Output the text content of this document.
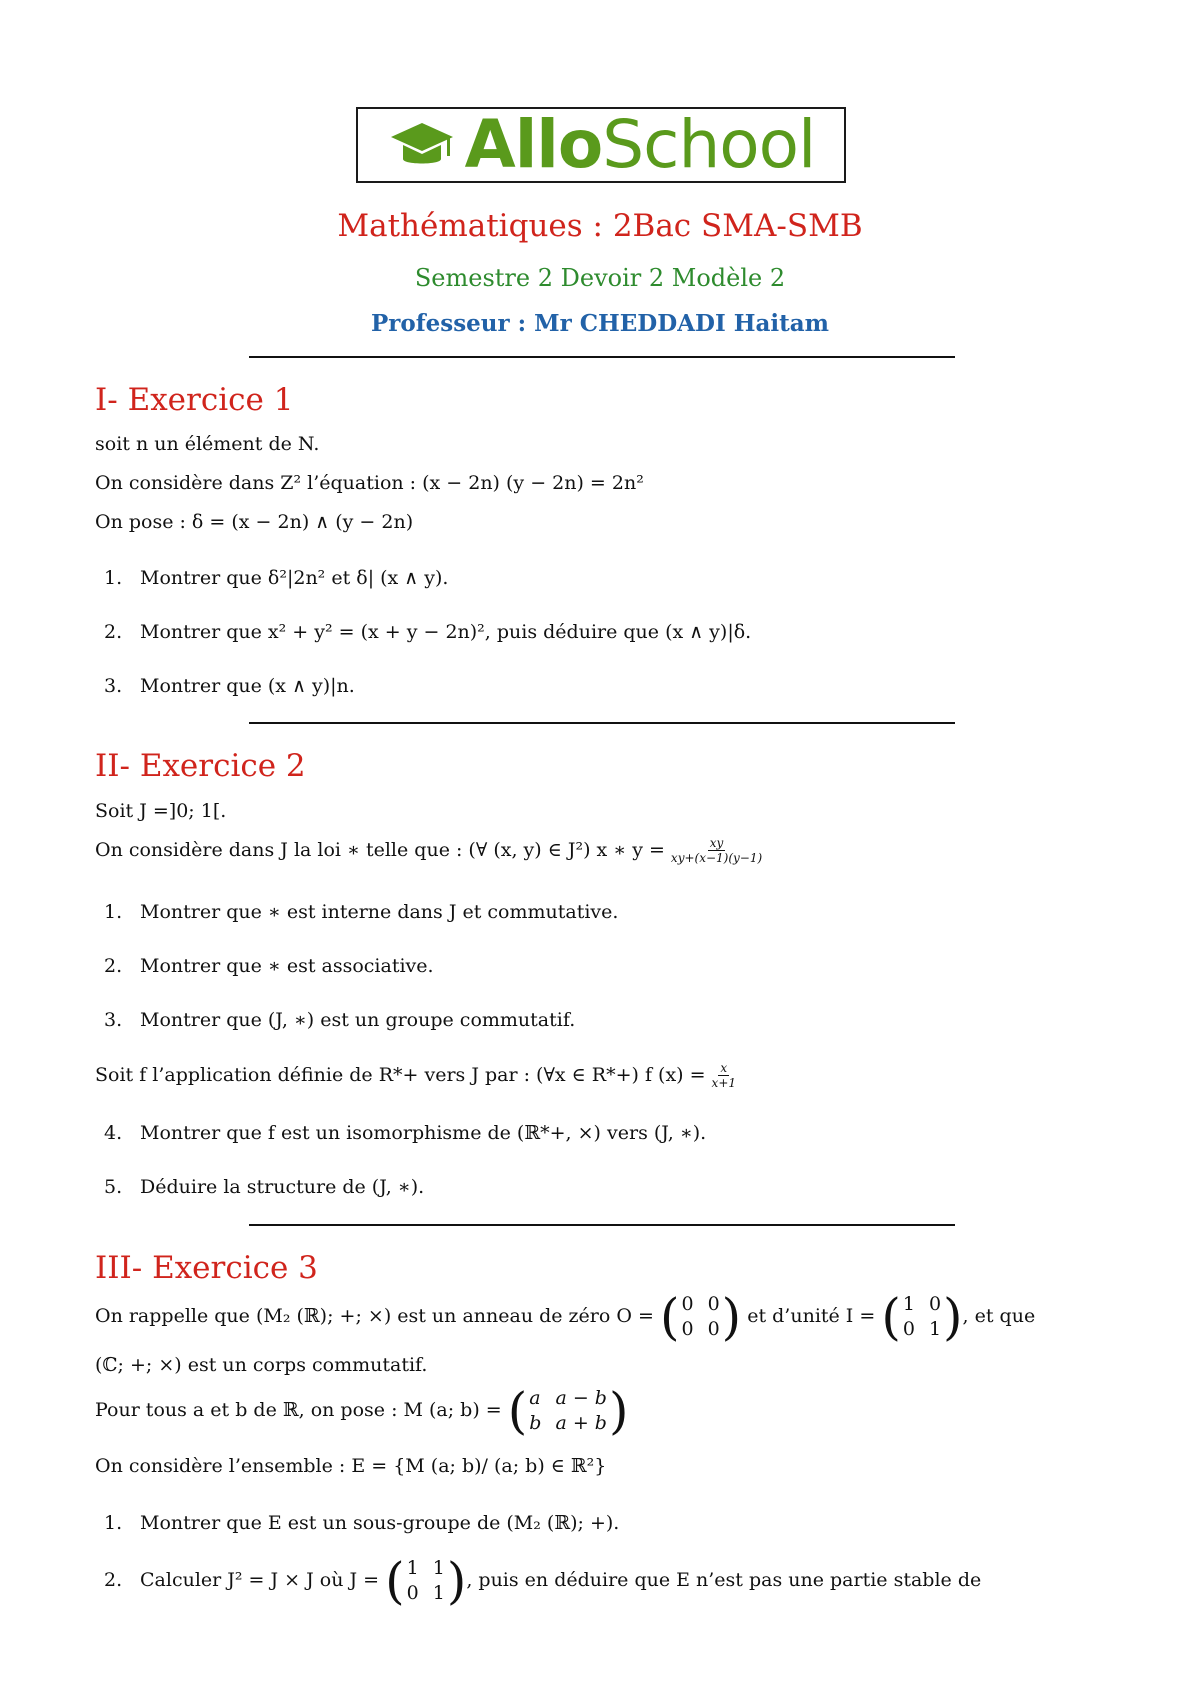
AlloSchool
Mathématiques : 2Bac SMA-SMB
Semestre 2 Devoir 2 Modèle 2
Professeur : Mr CHEDDADI Haitam
I- Exercice 1
soit n un élément de N.
On considère dans Z² l’équation : (x − 2n) (y − 2n) = 2n²
On pose : δ = (x − 2n) ∧ (y − 2n)
1. Montrer que δ²|2n² et δ| (x ∧ y).
2. Montrer que x² + y² = (x + y − 2n)², puis déduire que (x ∧ y)|δ.
3. Montrer que (x ∧ y)|n.
II- Exercice 2
Soit J =]0; 1[.
On considère dans J la loi ∗ telle que : (∀ (x, y) ∈ J²) x ∗ $y = \frac{xy}{xy+(x-1)(y-1)}$
1. Montrer que ∗ est interne dans J et commutative.
2. Montrer que ∗ est associative.
3. Montrer que (J, ∗) est un groupe commutatif.
Soit f l’application définie de R*+ vers J par : (∀x ∈ R*+) f $(x) = \frac{x}{x+1}$
4. Montrer que f est un isomorphisme de (ℝ*+, ×) vers (J, ∗).
5. Déduire la structure de (J, ∗).
III- Exercice 3
On rappelle que (M₂ (ℝ); +; ×) est un anneau de zéro O = ( 0 0
0 0 ) et d’unité I = ( 1 0
0 1 ) , et que
(ℂ; +; ×) est un corps commutatif.
Pour tous a et b de ℝ, on pose : M (a; b) = ( a a − b
b a + b )
On considère l’ensemble : E = {M (a; b)/ (a; b) ∈ ℝ²}
1. Montrer que E est un sous-groupe de (M₂ (ℝ); +).
2. Calculer J² = J × J où J = ( 1 1
0 1 ) , puis en déduire que E n’est pas une partie stable de
